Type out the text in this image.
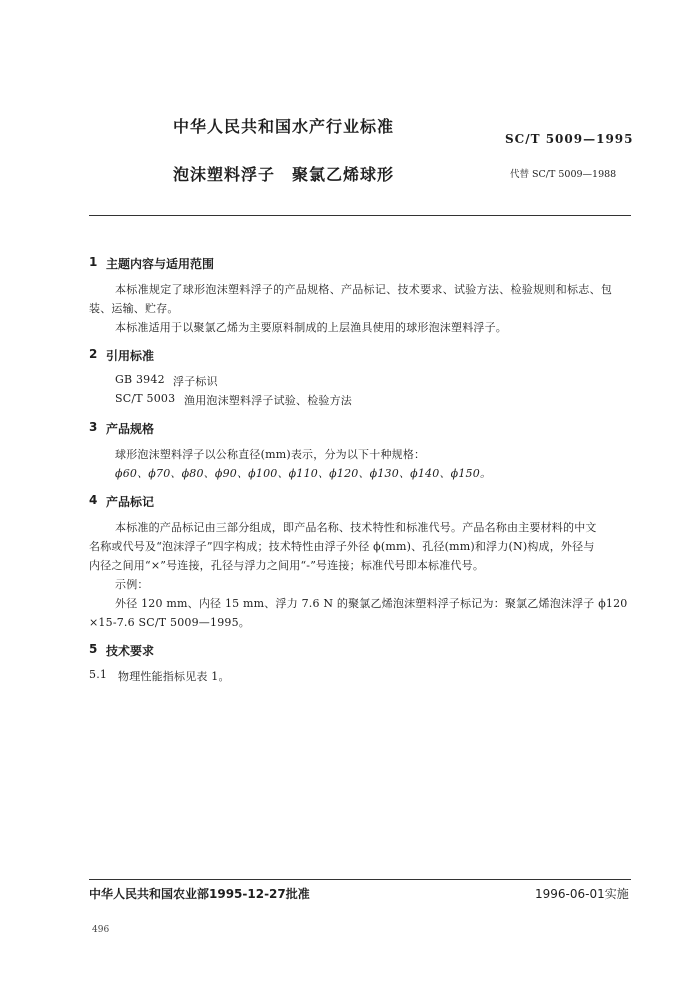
中华人民共和国水产行业标准
SC/T 5009—1995
泡沫塑料浮子　聚氯乙烯球形	代替 SC/T 5009—1988
1 主题内容与适用范围
本标准规定了球形泡沫塑料浮子的产品规格、产品标记、技术要求、试验方法、检验规则和标志、包
装、运输、贮存。
本标准适用于以聚氯乙烯为主要原料制成的上层渔具使用的球形泡沫塑料浮子。
2 引用标准
GB 3942 浮子标识
SC/T 5003 渔用泡沫塑料浮子试验、检验方法
3 产品规格
球形泡沫塑料浮子以公称直径(mm)表示，分为以下十种规格：
ϕ60、ϕ70、ϕ80、ϕ90、ϕ100、ϕ110、ϕ120、ϕ130、ϕ140、ϕ150。
4 产品标记
本标准的产品标记由三部分组成，即产品名称、技术特性和标准代号。产品名称由主要材料的中文
名称或代号及“泡沫浮子”四字构成；技术特性由浮子外径 ϕ(mm)、孔径(mm)和浮力(N)构成，外径与
内径之间用“×”号连接，孔径与浮力之间用“-”号连接；标准代号即本标准代号。
示例：
外径 120 mm、内径 15 mm、浮力 7.6 N 的聚氯乙烯泡沫塑料浮子标记为：聚氯乙烯泡沫浮子 ϕ120
×15-7.6 SC/T 5009—1995。
5 技术要求
5.1 物理性能指标见表 1。
中华人民共和国农业部1995-12-27批准	1996-06-01实施
496
